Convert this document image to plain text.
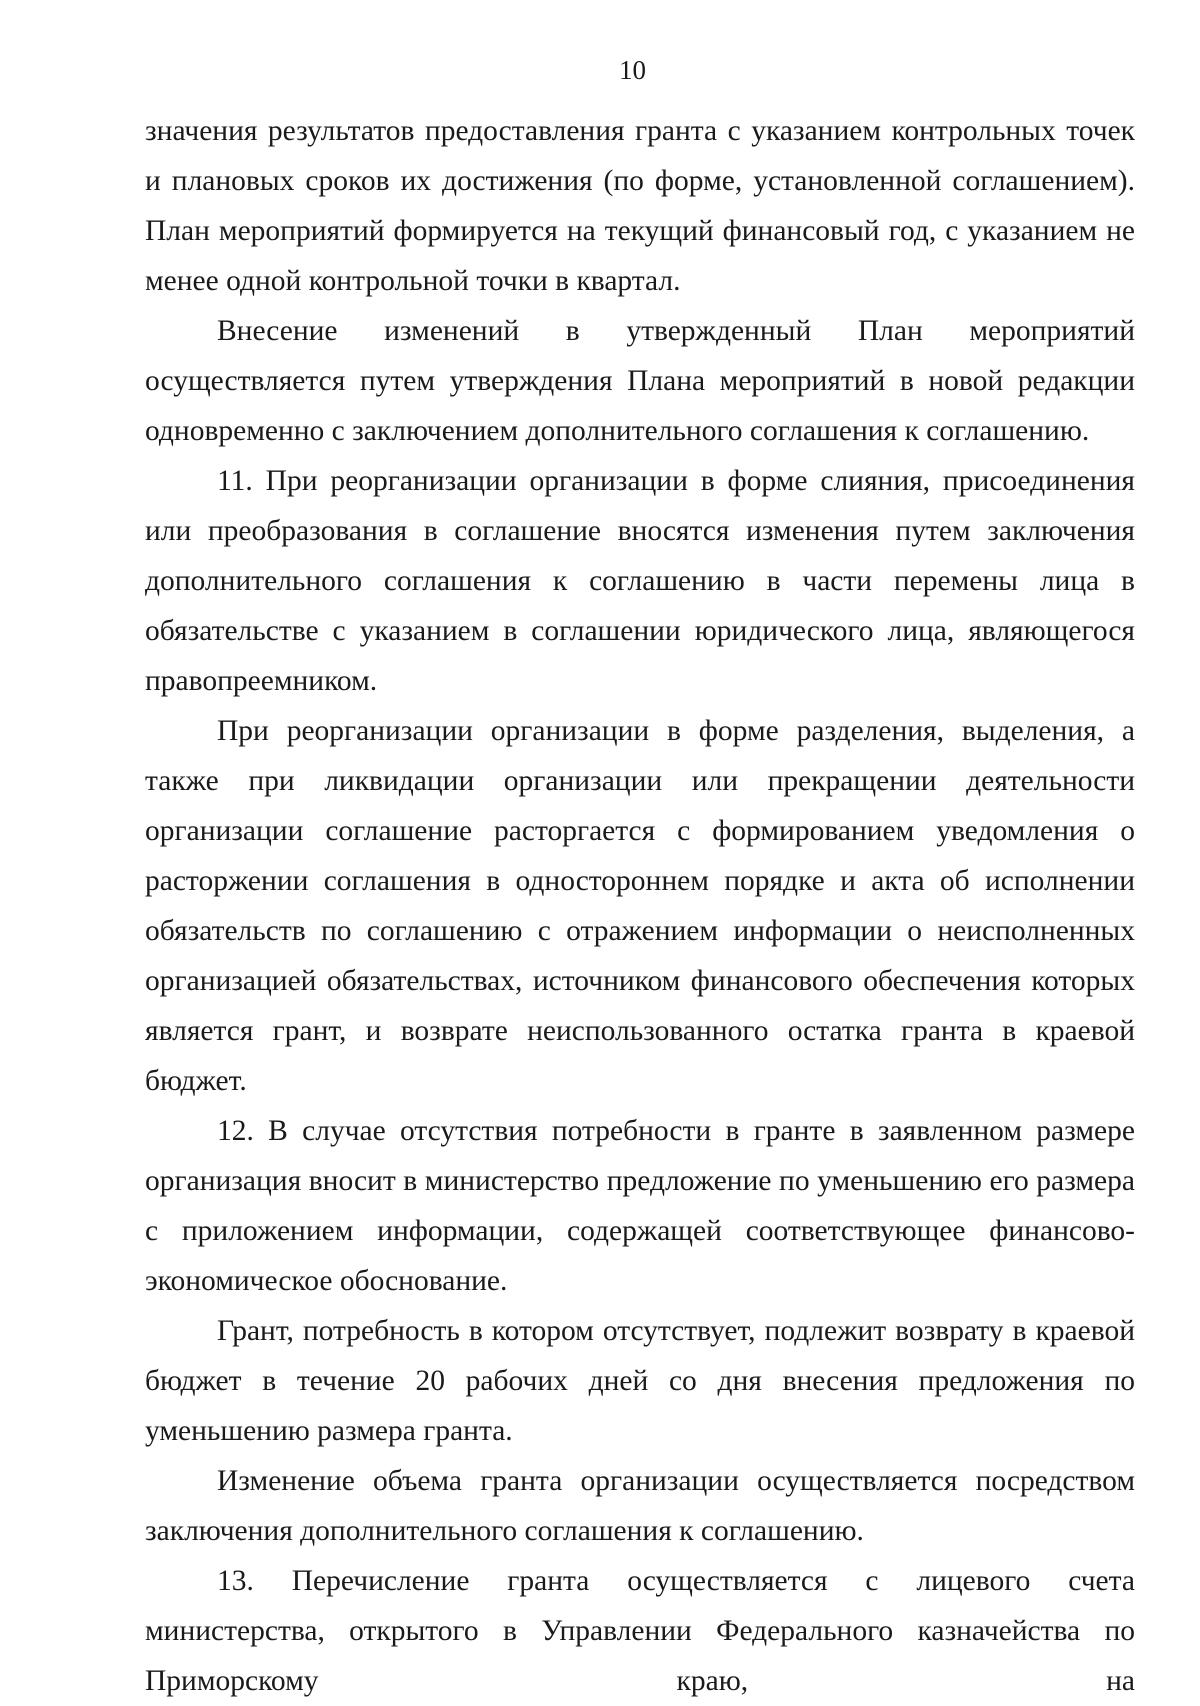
10

значения результатов предоставления гранта с указанием контрольных точек и плановых сроков их достижения (по форме, установленной соглашением). План мероприятий формируется на текущий финансовый год, с указанием не менее одной контрольной точки в квартал.

Внесение изменений в утвержденный План мероприятий осуществляется путем утверждения Плана мероприятий в новой редакции одновременно с заключением дополнительного соглашения к соглашению.

11. При реорганизации организации в форме слияния, присоединения или преобразования в соглашение вносятся изменения путем заключения дополнительного соглашения к соглашению в части перемены лица в обязательстве с указанием в соглашении юридического лица, являющегося правопреемником.

При реорганизации организации в форме разделения, выделения, а также при ликвидации организации или прекращении деятельности организации соглашение расторгается с формированием уведомления о расторжении соглашения в одностороннем порядке и акта об исполнении обязательств по соглашению с отражением информации о неисполненных организацией обязательствах, источником финансового обеспечения которых является грант, и возврате неиспользованного остатка гранта в краевой бюджет.

12. В случае отсутствия потребности в гранте в заявленном размере организация вносит в министерство предложение по уменьшению его размера с приложением информации, содержащей соответствующее финансово-экономическое обоснование.

Грант, потребность в котором отсутствует, подлежит возврату в краевой бюджет в течение 20 рабочих дней со дня внесения предложения по уменьшению размера гранта.

Изменение объема гранта организации осуществляется посредством заключения дополнительного соглашения к соглашению.

13. Перечисление гранта осуществляется с лицевого счета министерства, открытого в Управлении Федерального казначейства по Приморскому краю, на
